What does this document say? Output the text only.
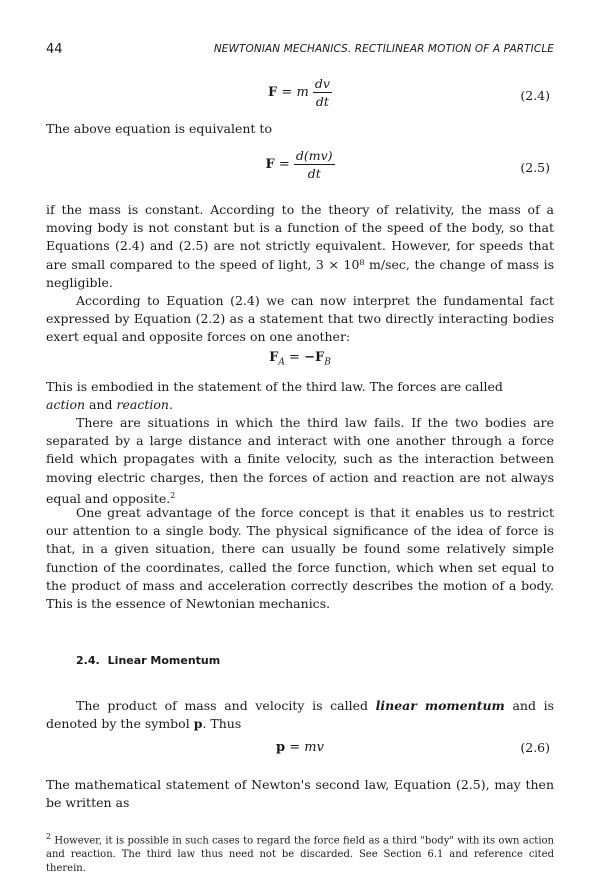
44	NEWTONIAN MECHANICS. RECTILINEAR MOTION OF A PARTICLE
F = m $\frac{dv}{dt}$	(2.4)

The above equation is equivalent to

$F = \frac{d(mv)}{dt}$	(2.5)

if the mass is constant. According to the theory of relativity, the mass of a moving body is not constant but is a function of the speed of the body, so that Equations (2.4) and (2.5) are not strictly equivalent. However, for speeds that are small compared to the speed of light, 3 × 10⁸ m/sec, the change of mass is negligible.

According to Equation (2.4) we can now interpret the fundamental fact expressed by Equation (2.2) as a statement that two directly interacting bodies exert equal and opposite forces on one another:

$F_A = -F_B$

This is embodied in the statement of the third law. The forces are called
action and reaction.

There are situations in which the third law fails. If the two bodies are separated by a large distance and interact with one another through a force field which propagates with a finite velocity, such as the interaction between moving electric charges, then the forces of action and reaction are not always equal and opposite.$^2$

One great advantage of the force concept is that it enables us to restrict our attention to a single body. The physical significance of the idea of force is that, in a given situation, there can usually be found some relatively simple function of the coordinates, called the force function, which when set equal to the product of mass and acceleration correctly describes the motion of a body. This is the essence of Newtonian mechanics.

2.4. Linear Momentum

The product of mass and velocity is called linear momentum and is denoted by the symbol p. Thus

p = mv	(2.6)

The mathematical statement of Newton's second law, Equation (2.5), may then be written as

$^2$ However, it is possible in such cases to regard the force field as a third "body" with its own action and reaction. The third law thus need not be discarded. See Section 6.1 and reference cited therein.
